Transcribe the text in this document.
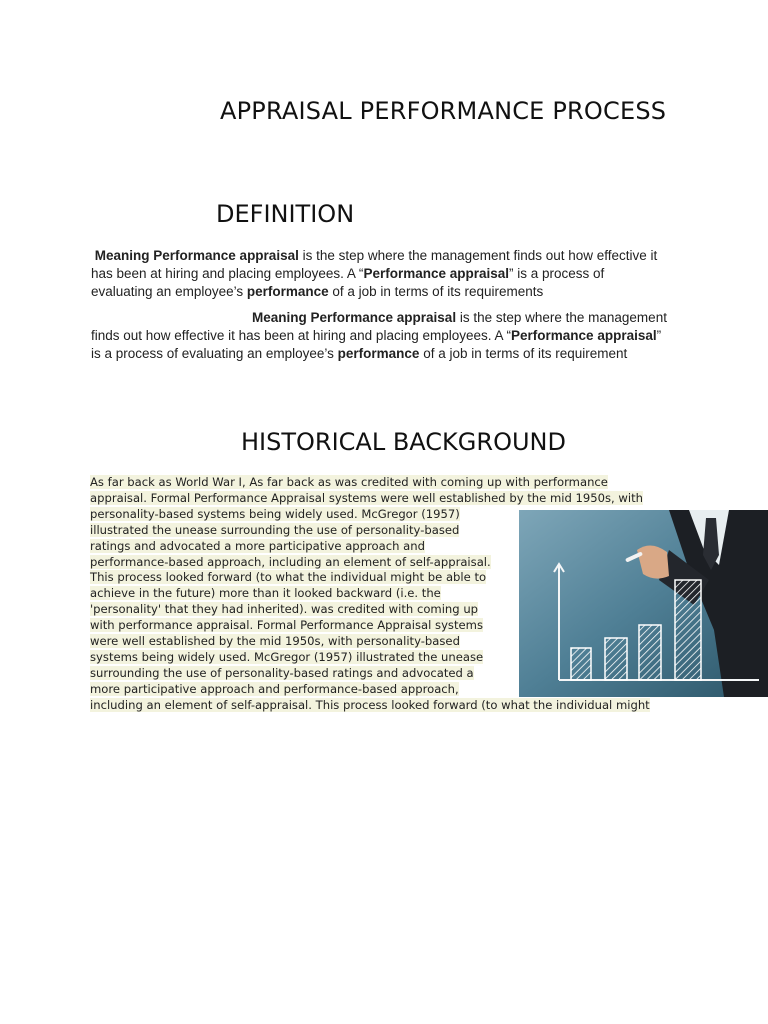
APPRAISAL PERFORMANCE PROCESS
DEFINITION
Meaning Performance appraisal is the step where the management finds out how effective it
has been at hiring and placing employees. A “Performance appraisal” is a process of
evaluating an employee’s performance of a job in terms of its requirements
Meaning Performance appraisal is the step where the management
finds out how effective it has been at hiring and placing employees. A “Performance appraisal”
is a process of evaluating an employee’s performance of a job in terms of its requirement
HISTORICAL BACKGROUND
As far back as World War I, As far back as was credited with coming up with performance
appraisal. Formal Performance Appraisal systems were well established by the mid 1950s, with
personality-based systems being widely used. McGregor (1957)
illustrated the unease surrounding the use of personality-based
ratings and advocated a more participative approach and
performance-based approach, including an element of self-appraisal.
This process looked forward (to what the individual might be able to
achieve in the future) more than it looked backward (i.e. the
'personality' that they had inherited). was credited with coming up
with performance appraisal. Formal Performance Appraisal systems
were well established by the mid 1950s, with personality-based
systems being widely used. McGregor (1957) illustrated the unease
surrounding the use of personality-based ratings and advocated a
more participative approach and performance-based approach,
including an element of self-appraisal. This process looked forward (to what the individual might
